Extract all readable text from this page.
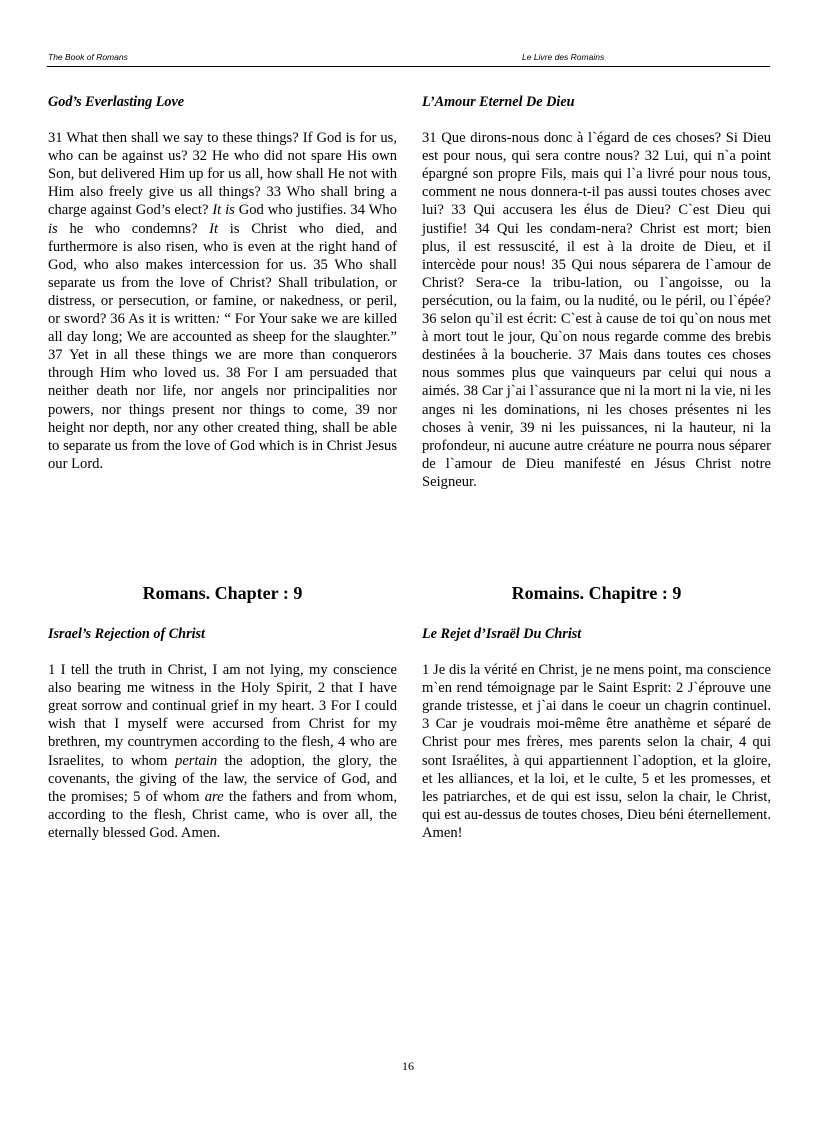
The Book of Romans	Le Livre des Romains
God’s Everlasting Love

31 What then shall we say to these things? If God is for us, who can be against us? 32 He who did not spare His own Son, but delivered Him up for us all, how shall He not with Him also freely give us all things? 33 Who shall bring a charge against God’s elect? It is God who justifies. 34 Who is he who condemns? It is Christ who died, and furthermore is also risen, who is even at the right hand of God, who also makes intercession for us. 35 Who shall separate us from the love of Christ? Shall tribulation, or distress, or persecution, or famine, or nakedness, or peril, or sword? 36 As it is written: “ For Your sake we are killed all day long; We are accounted as sheep for the slaughter.” 37 Yet in all these things we are more than conquerors through Him who loved us. 38 For I am persuaded that neither death nor life, nor angels nor principalities nor powers, nor things present nor things to come, 39 nor height nor depth, nor any other created thing, shall be able to separate us from the love of God which is in Christ Jesus our Lord.

L’Amour Eternel De Dieu

31 Que dirons-nous donc à l`égard de ces choses? Si Dieu est pour nous, qui sera contre nous? 32 Lui, qui n`a point épargné son propre Fils, mais qui l`a livré pour nous tous, comment ne nous donnera-t-il pas aussi toutes choses avec lui? 33 Qui accusera les élus de Dieu? C`est Dieu qui justifie! 34 Qui les condam-nera? Christ est mort; bien plus, il est ressuscité, il est à la droite de Dieu, et il intercède pour nous! 35 Qui nous séparera de l`amour de Christ? Sera-ce la tribu-lation, ou l`angoisse, ou la persécution, ou la faim, ou la nudité, ou le péril, ou l`épée? 36 selon qu`il est écrit: C`est à cause de toi qu`on nous met à mort tout le jour, Qu`on nous regarde comme des brebis destinées à la boucherie. 37 Mais dans toutes ces choses nous sommes plus que vainqueurs par celui qui nous a aimés. 38 Car j`ai l`assurance que ni la mort ni la vie, ni les anges ni les dominations, ni les choses présentes ni les choses à venir, 39 ni les puissances, ni la hauteur, ni la profondeur, ni aucune autre créature ne pourra nous séparer de l`amour de Dieu manifesté en Jésus Christ notre Seigneur.

Romans. Chapter : 9	Romains. Chapitre : 9
Israel’s Rejection of Christ

1 I tell the truth in Christ, I am not lying, my conscience also bearing me witness in the Holy Spirit, 2 that I have great sorrow and continual grief in my heart. 3 For I could wish that I myself were accursed from Christ for my brethren, my countrymen according to the flesh, 4 who are Israelites, to whom pertain the adoption, the glory, the covenants, the giving of the law, the service of God, and the promises; 5 of whom are the fathers and from whom, according to the flesh, Christ came, who is over all, the eternally blessed God. Amen.

Le Rejet d’Israël Du Christ

1 Je dis la vérité en Christ, je ne mens point, ma conscience m`en rend témoignage par le Saint Esprit: 2 J`éprouve une grande tristesse, et j`ai dans le coeur un chagrin continuel. 3 Car je voudrais moi-même être anathème et séparé de Christ pour mes frères, mes parents selon la chair, 4 qui sont Israélites, à qui appartiennent l`adoption, et la gloire, et les alliances, et la loi, et le culte, 5 et les promesses, et les patriarches, et de qui est issu, selon la chair, le Christ, qui est au-dessus de toutes choses, Dieu béni éternellement. Amen!

16
